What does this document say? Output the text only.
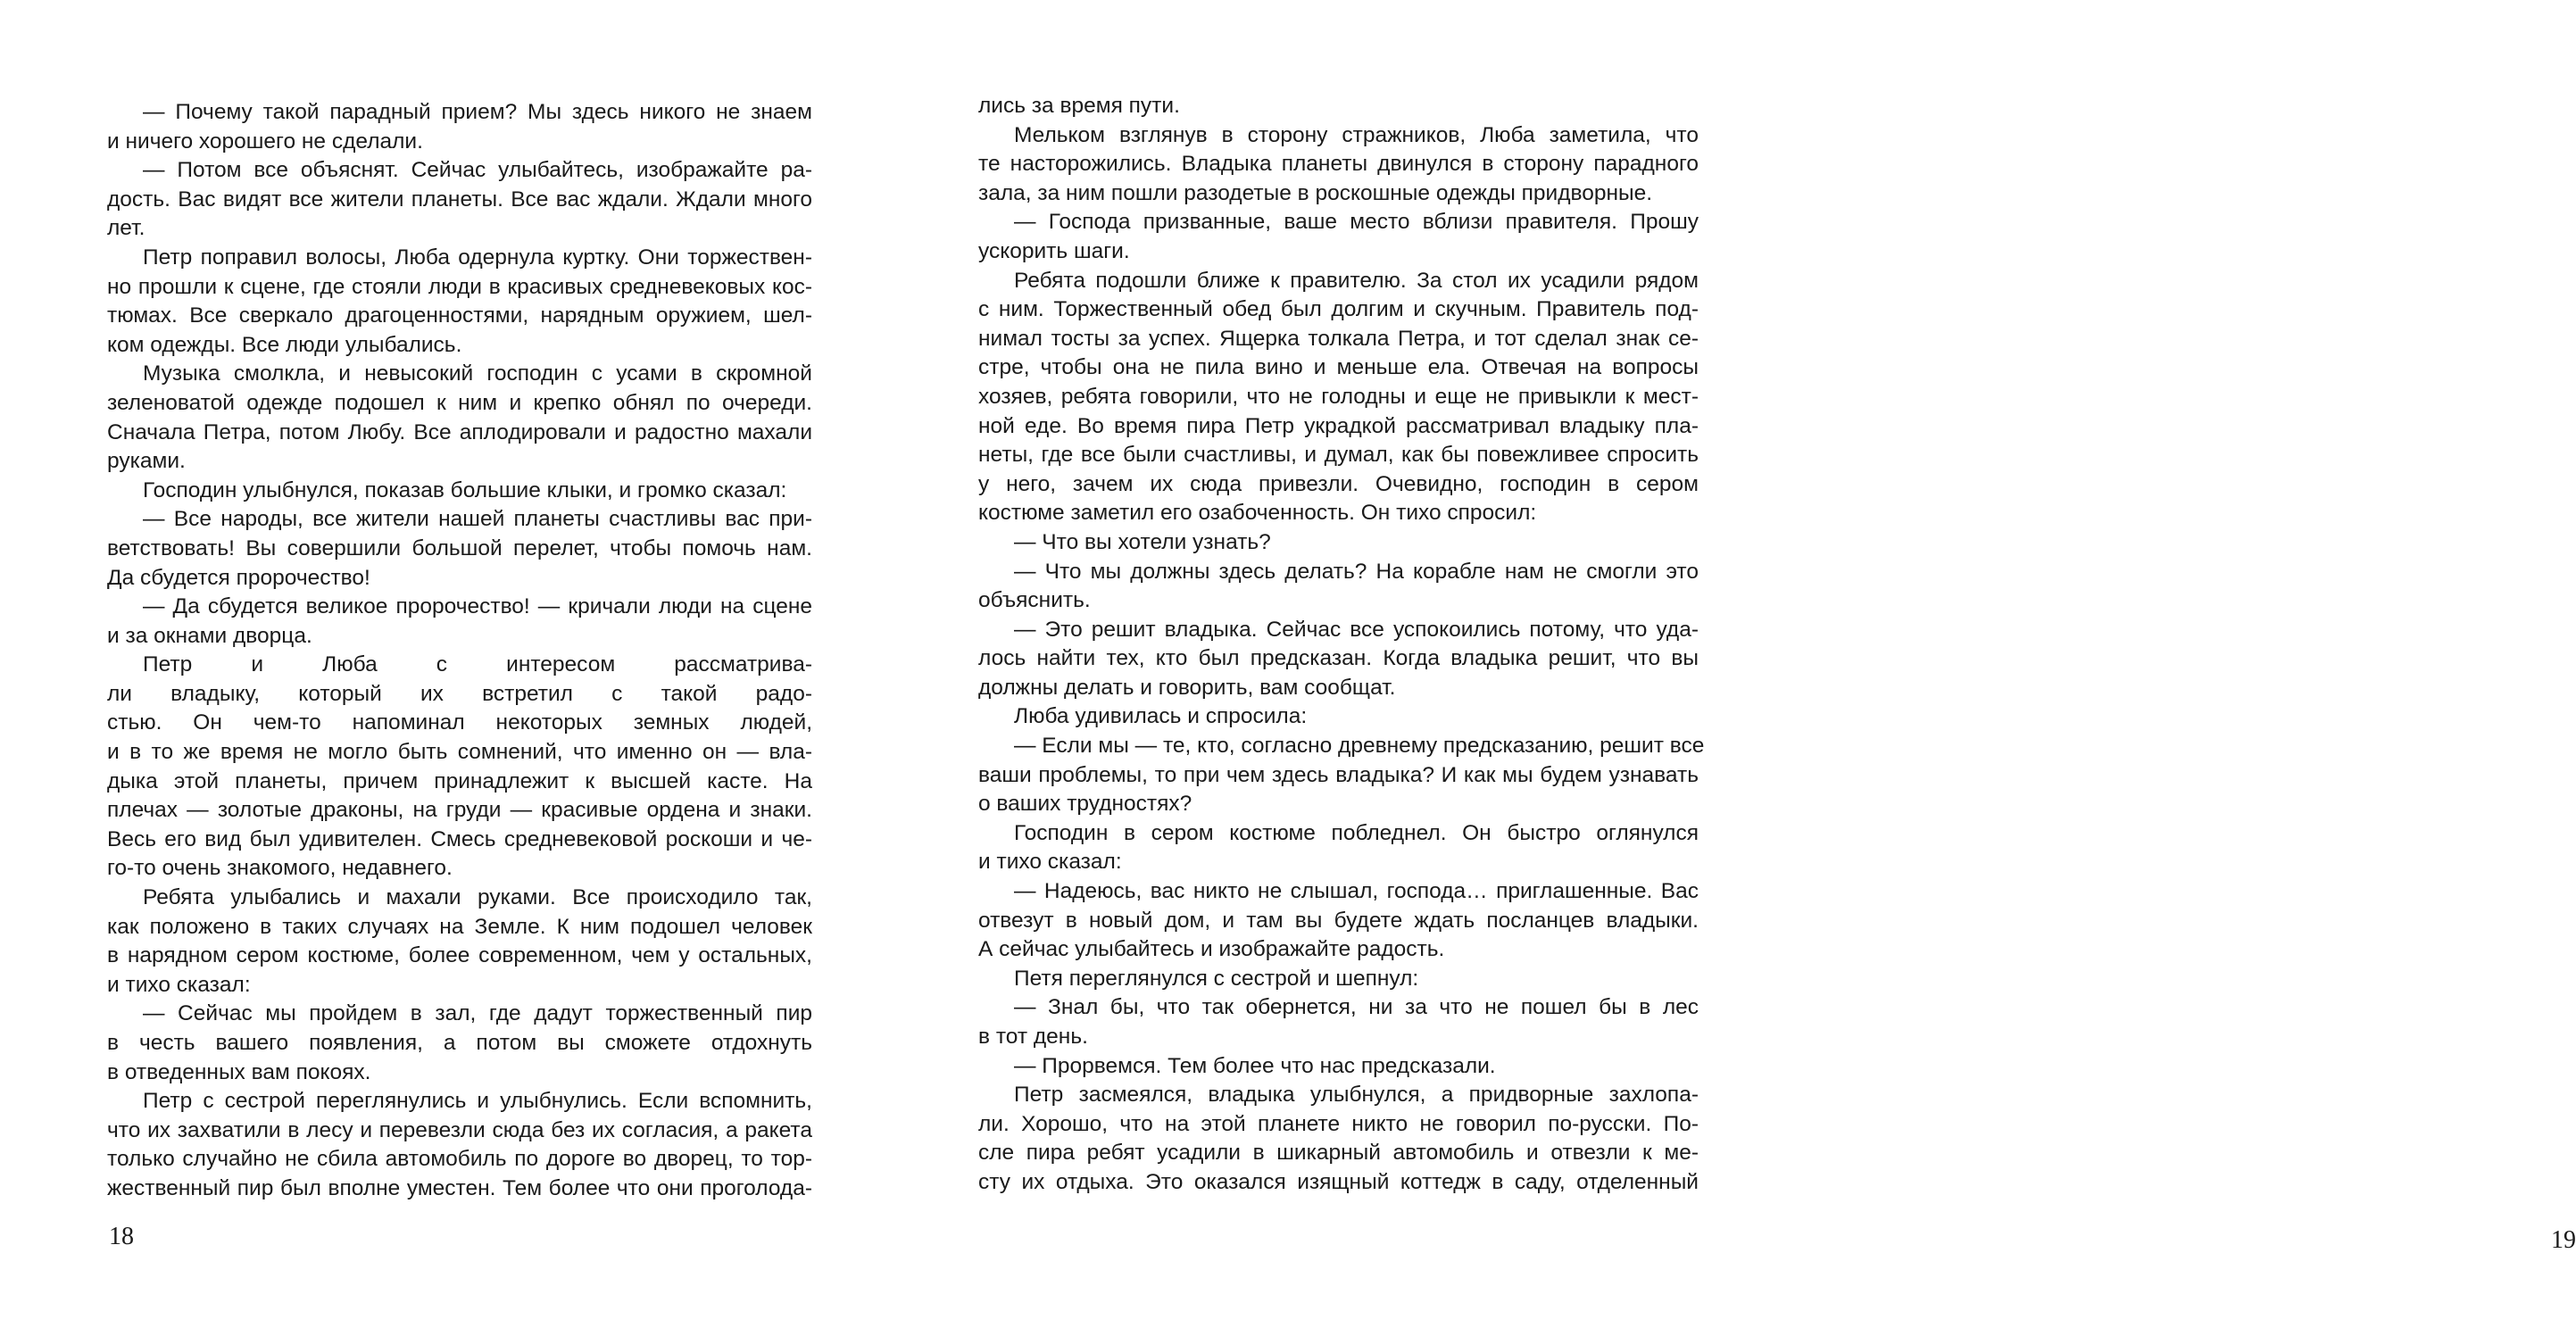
— Почему такой парадный прием? Мы здесь никого не знаем
и ничего хорошего не сделали.
— Потом все объяснят. Сейчас улыбайтесь, изображайте ра-
дость. Вас видят все жители планеты. Все вас ждали. Ждали много
лет.
Петр поправил волосы, Люба одернула куртку. Они торжествен-
но прошли к сцене, где стояли люди в красивых средневековых кос-
тюмах. Все сверкало драгоценностями, нарядным оружием, шел-
ком одежды. Все люди улыбались.
Музыка смолкла, и невысокий господин с усами в скромной
зеленоватой одежде подошел к ним и крепко обнял по очереди.
Сначала Петра, потом Любу. Все аплодировали и радостно махали
руками.
Господин улыбнулся, показав большие клыки, и громко сказал:
— Все народы, все жители нашей планеты счастливы вас при-
ветствовать! Вы совершили большой перелет, чтобы помочь нам.
Да сбудется пророчество!
— Да сбудется великое пророчество! — кричали люди на сцене
и за окнами дворца.
Петр и Люба с интересом рассматрива-
ли владыку, который их встретил с такой радо-
стью. Он чем-то напоминал некоторых земных людей,
и в то же время не могло быть сомнений, что именно он — вла-
дыка этой планеты, причем принадлежит к высшей касте. На
плечах — золотые драконы, на груди — красивые ордена и знаки.
Весь его вид был удивителен. Смесь средневековой роскоши и че-
го-то очень знакомого, недавнего.
Ребята улыбались и махали руками. Все происходило так,
как положено в таких случаях на Земле. К ним подошел человек
в нарядном сером костюме, более современном, чем у остальных,
и тихо сказал:
— Сейчас мы пройдем в зал, где дадут торжественный пир
в честь вашего появления, а потом вы сможете отдохнуть
в отведенных вам покоях.
Петр с сестрой переглянулись и улыбнулись. Если вспомнить,
что их захватили в лесу и перевезли сюда без их согласия, а ракета
только случайно не сбила автомобиль по дороге во дворец, то тор-
жественный пир был вполне уместен. Тем более что они проголода-
18
лись за время пути.
Мельком взглянув в сторону стражников, Люба заметила, что
те насторожились. Владыка планеты двинулся в сторону парадного
зала, за ним пошли разодетые в роскошные одежды придворные.
— Господа призванные, ваше место вблизи правителя. Прошу
ускорить шаги.
Ребята подошли ближе к правителю. За стол их усадили рядом
с ним. Торжественный обед был долгим и скучным. Правитель под-
нимал тосты за успех. Ящерка толкала Петра, и тот сделал знак се-
стре, чтобы она не пила вино и меньше ела. Отвечая на вопросы
хозяев, ребята говорили, что не голодны и еще не привыкли к мест-
ной еде. Во время пира Петр украдкой рассматривал владыку пла-
неты, где все были счастливы, и думал, как бы повежливее спросить
у него, зачем их сюда привезли. Очевидно, господин в сером
костюме заметил его озабоченность. Он тихо спросил:
— Что вы хотели узнать?
— Что мы должны здесь делать? На корабле нам не смогли это
объяснить.
— Это решит владыка. Сейчас все успокоились потому, что уда-
лось найти тех, кто был предсказан. Когда владыка решит, что вы
должны делать и говорить, вам сообщат.
Люба удивилась и спросила:
— Если мы — те, кто, согласно древнему предсказанию, решит все
ваши проблемы, то при чем здесь владыка? И как мы будем узнавать
о ваших трудностях?
Господин в сером костюме побледнел. Он быстро оглянулся
и тихо сказал:
— Надеюсь, вас никто не слышал, господа… приглашенные. Вас
отвезут в новый дом, и там вы будете ждать посланцев владыки.
А сейчас улыбайтесь и изображайте радость.
Петя переглянулся с сестрой и шепнул:
— Знал бы, что так обернется, ни за что не пошел бы в лес
в тот день.
— Прорвемся. Тем более что нас предсказали.
Петр засмеялся, владыка улыбнулся, а придворные захлопа-
ли. Хорошо, что на этой планете никто не говорил по-русски. По-
сле пира ребят усадили в шикарный автомобиль и отвезли к ме-
сту их отдыха. Это оказался изящный коттедж в саду, отделенный
19
